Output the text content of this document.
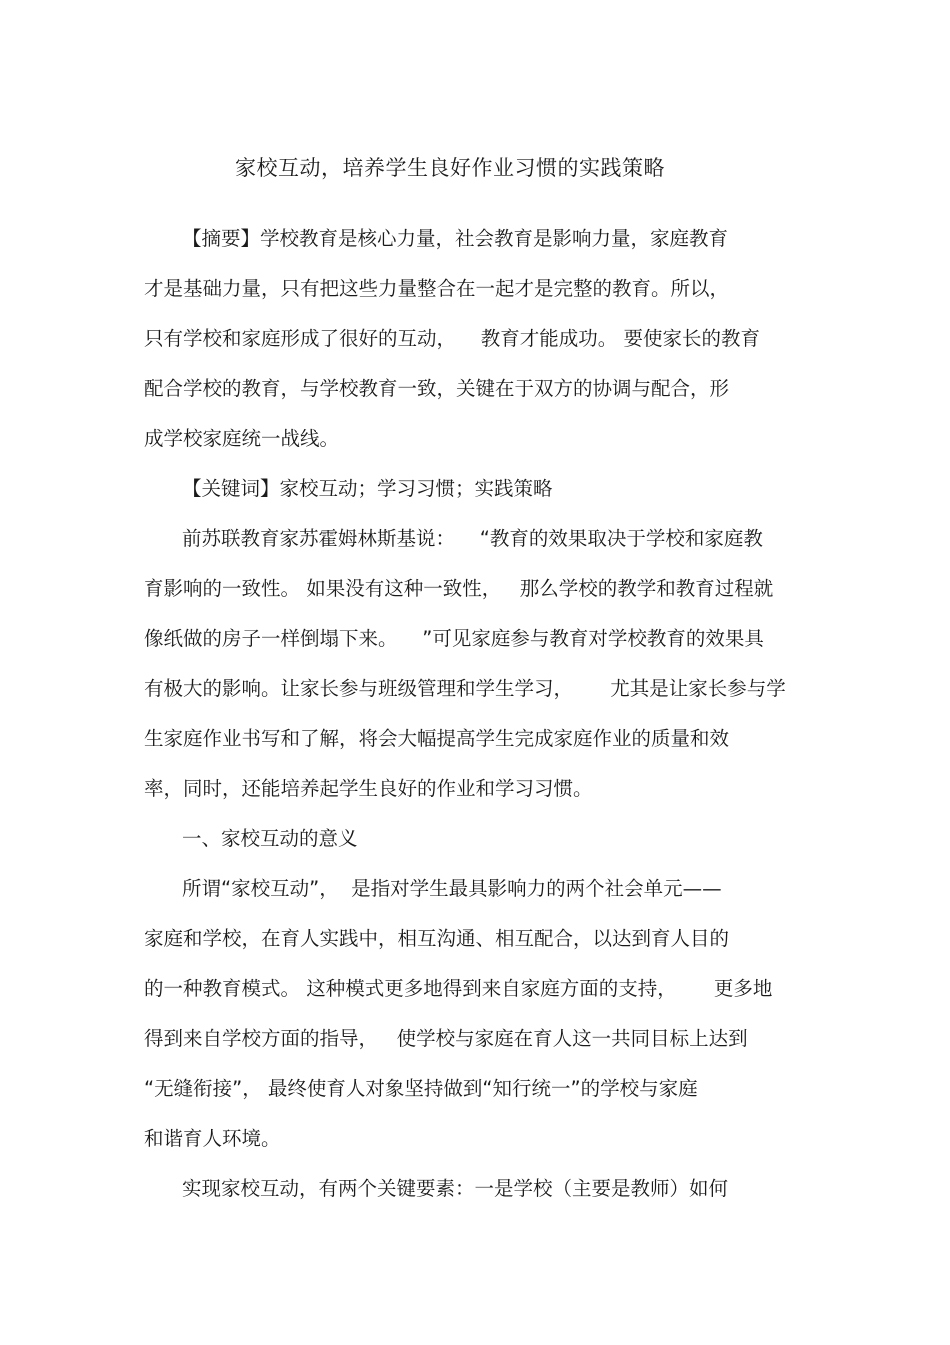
家校互动，培养学生良好作业习惯的实践策略
【摘要】学校教育是核心力量，社会教育是影响力量，家庭教育
才是基础力量，只有把这些力量整合在一起才是完整的教育。所以，
只有学校和家庭形成了很好的互动，    教育才能成功。 要使家长的教育
配合学校的教育，与学校教育一致，关键在于双方的协调与配合，形
成学校家庭统一战线。
【关键词】家校互动；学习习惯；实践策略
前苏联教育家苏霍姆林斯基说：    “教育的效果取决于学校和家庭教
育影响的一致性。 如果没有这种一致性，   那么学校的教学和教育过程就
像纸做的房子一样倒塌下来。    ”可见家庭参与教育对学校教育的效果具
有极大的影响。让家长参与班级管理和学生学习，      尤其是让家长参与学
生家庭作业书写和了解，将会大幅提高学生完成家庭作业的质量和效
率，同时，还能培养起学生良好的作业和学习习惯。
一、家校互动的意义
所谓“家校互动”，  是指对学生最具影响力的两个社会单元——
家庭和学校，在育人实践中，相互沟通、相互配合，以达到育人目的
的一种教育模式。 这种模式更多地得到来自家庭方面的支持，      更多地
得到来自学校方面的指导，   使学校与家庭在育人这一共同目标上达到
“无缝衔接”， 最终使育人对象坚持做到“知行统一”的学校与家庭
和谐育人环境。
实现家校互动，有两个关键要素：一是学校（主要是教师）如何
